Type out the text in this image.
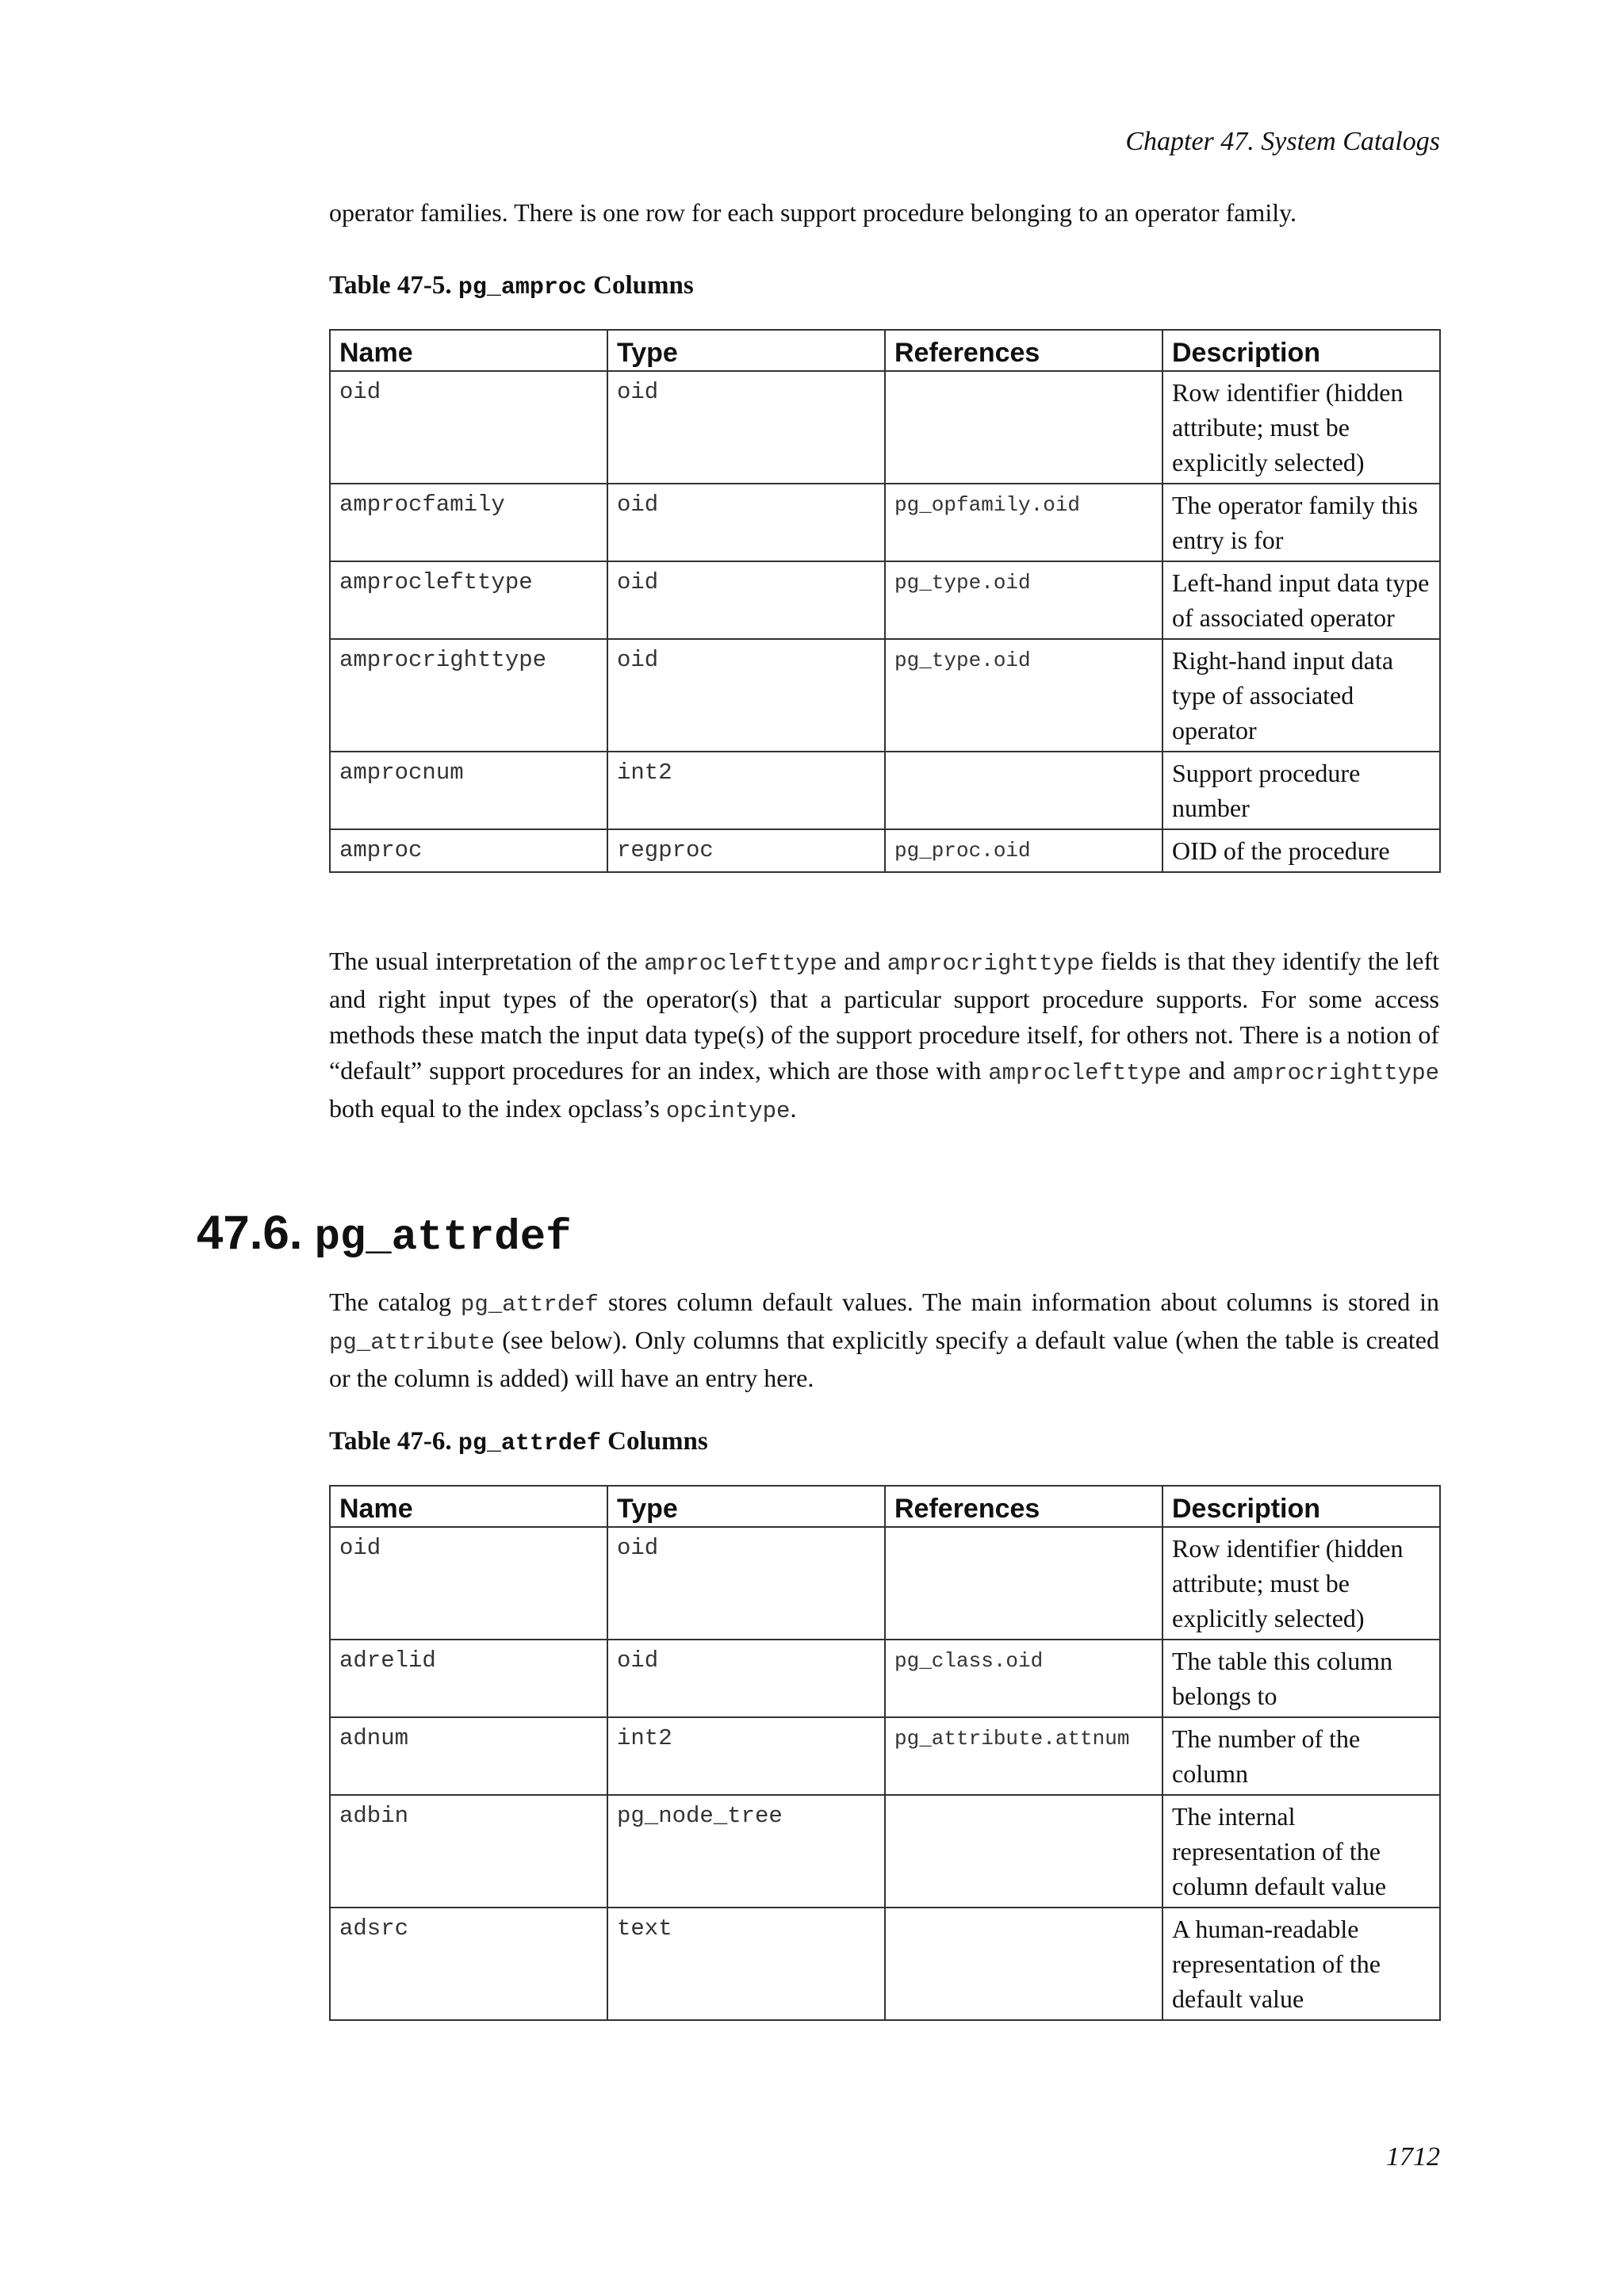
Chapter 47. System Catalogs

operator families. There is one row for each support procedure belonging to an operator family.

Table 47-5. pg_amproc Columns
Name	Type	References	Description
oid	oid		Row identifier (hidden attribute; must be explicitly selected)
amprocfamily	oid	pg_opfamily.oid	The operator family this entry is for
amproclefttype	oid	pg_type.oid	Left-hand input data type of associated operator
amprocrighttype	oid	pg_type.oid	Right-hand input data type of associated operator
amprocnum	int2		Support procedure number
amproc	regproc	pg_proc.oid	OID of the procedure

The usual interpretation of the amproclefttype and amprocrighttype fields is that they identify the left and right input types of the operator(s) that a particular support procedure supports. For some access methods these match the input data type(s) of the support procedure itself, for others not. There is a notion of “default” support procedures for an index, which are those with amproclefttype and amprocrighttype both equal to the index opclass’s opcintype.

47.6. pg_attrdef

The catalog pg_attrdef stores column default values. The main information about columns is stored in pg_attribute (see below). Only columns that explicitly specify a default value (when the table is created or the column is added) will have an entry here.

Table 47-6. pg_attrdef Columns
Name	Type	References	Description
oid	oid		Row identifier (hidden attribute; must be explicitly selected)
adrelid	oid	pg_class.oid	The table this column belongs to
adnum	int2	pg_attribute.attnum	The number of the column
adbin	pg_node_tree		The internal representation of the column default value
adsrc	text		A human-readable representation of the default value
1712
